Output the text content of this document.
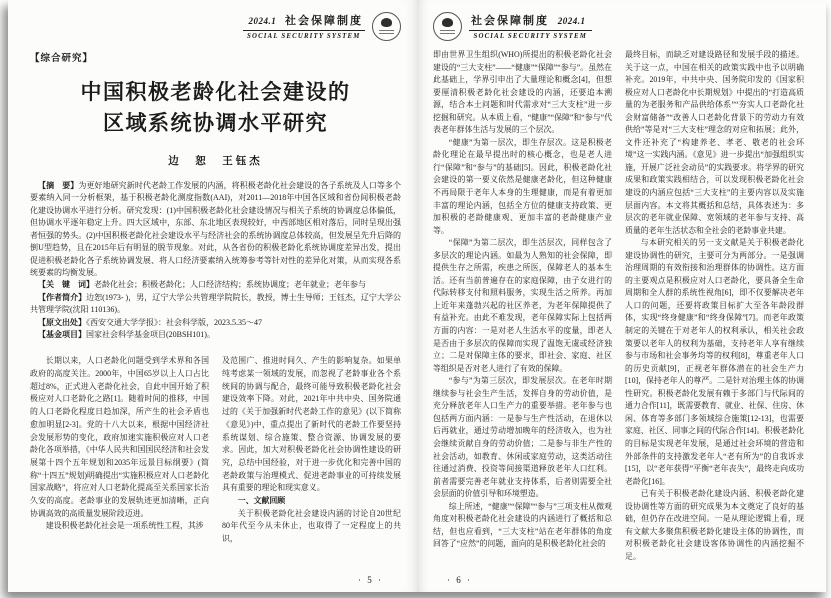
2024.1 社会保障制度
SOCIAL SECURITY SYSTEM
【综合研究】
中国积极老龄化社会建设的
区域系统协调水平研究
边　恕　王钰杰

【摘　要】为更好地研究新时代老龄工作发展的内涵，将积极老龄化社会建设的各子系统及人口等多个要素纳入同一分析框架，基于积极老龄化测度指数(AAI)，对2011—2018年中国各区域和省份间积极老龄化建设协调水平进行分析。研究发现：(1)中国积极老龄化社会建设情况与相关子系统的协调度总体偏低，但协调水平逐年稳定上升。四大区域中，东部、东北地区表现较好，中西部地区相对落后，同时呈现出强者恒强的势头。(2)中国积极老龄化社会建设水平与经济社会的系统协调度总体较高，但发展呈先升后降的倒U型趋势，且在2015年后有明显的脱节现象。对此，从各省份的积极老龄化系统协调度差异出发，提出促进积极老龄化各子系统协调发展、将人口经济要素纳入统筹参考等针对性的差异化对策，从而实现各系统要素的均衡发展。

【关　键　词】老龄化社会；积极老龄化；人口经济结构；系统协调度；老年就业；老年参与

【作者简介】边恕(1973- )，男，辽宁大学公共管理学院院长，教授，博士生导师；王钰杰，辽宁大学公共管理学院(沈阳 110136)。

【原文出处】《西安交通大学学报》：社会科学版，2023.5.35～47

【基金项目】国家社会科学基金项目(20BSH101)。

长期以来，人口老龄化问题受到学术界和各国政府的高度关注。2000年，中国65岁以上人口占比超过8%，正式进入老龄化社会，自此中国开始了积极应对人口老龄化之路[1]。随着时间的推移，中国的人口老龄化程度日趋加深，所产生的社会矛盾也愈加明显[2-3]。党的十八大以来，根据中国经济社会发展形势的变化，政府加速实施积极应对人口老龄化各项举措，《中华人民共和国国民经济和社会发展第十四个五年规划和2035年远景目标纲要》(简称“十四五”规划)明确提出“实施积极应对人口老龄化国家战略”，将应对人口老龄化提高至关系国家长治久安的高度。老龄事业的发展轨迹更加清晰，正向协调高效的高质量发展阶段迈进。

建设积极老龄化社会是一项系统性工程，其涉

及范围广、推进时间久、产生的影响复杂。如果单纯考虑某一领域的发展，而忽视了老龄事业各个系统间的协调与配合，最终可能导致积极老龄化社会建设效率下降。对此，2021年中共中央、国务院通过的《关于加强新时代老龄工作的意见》(以下简称《意见》)中，重点提出了新时代的老龄工作要坚持系统谋划、综合施策、整合资源、协调发展的要求。因此，加大对积极老龄化社会协调性建设的研究，总结中国经验，对于进一步优化和完善中国的老龄政策与治理模式、促进老龄事业的可持续发展具有重要的理论和现实意义。

一、文献回顾

关于积极老龄化社会建设内涵的讨论自20世纪80年代至今从未休止，也取得了一定程度上的共识，

· 5 ·
社会保障制度 2024.1
SOCIAL SECURITY SYSTEM

即由世界卫生组织(WHO)所提出的积极老龄化社会建设的“三大支柱”——“健康”“保障”“参与”。虽然在此基础上，学界引申出了大量理论和概念[4]，但想要厘清积极老龄化社会建设的内涵，还要追本溯源，结合本土问题和时代需求对“三大支柱”进一步挖掘和研究。从本质上看，“健康”“保障”和“参与”代表老年群体生活与发展的三个层次。

“健康”为第一层次，即生存层次。这是积极老龄化理论在最早提出时的核心概念，也是老人进行“保障”和“参与”的基础[5]。因此，积极老龄化社会建设的第一要义依然是健康老龄化，但这种健康不再局限于老年人本身的生理健康，而是有着更加丰富的理论内涵，包括全方位的健康支持政策、更加积极的老龄健康观、更加丰富的老龄健康产业等。

“保障”为第二层次，即生活层次，同样包含了多层次的理论内涵。如最为人熟知的社会保障，即提供生存之所需，疾患之所医，保障老人的基本生活。还有当前普遍存在的家庭保障，由子女进行的代际转移支付和照料服务，实现生活之所养。再加上近年来蓬勃兴起的社区养老，为老年保障提供了有益补充。由此不难发现，老年保障实际上包括两方面的内容：一是对老人生活水平的度量，即老人是否由于多层次的保障而实现了温饱无虞或经济独立；二是对保障主体的要求，即社会、家庭、社区等组织是否对老人进行了有效的保障。

“参与”为第三层次，即发展层次。在老年时期继续参与社会生产生活，发挥自身的劳动价值，是充分释放老年人口生产力的重要举措。老年参与也包括两方面内涵：一是参与生产性活动，在退休以后再就业，通过劳动增加晚年的经济收入，也为社会继续贡献自身的劳动价值；二是参与非生产性的社会活动，如教育、休闲或家庭劳动，这类活动往往通过消费、投资等间接渠道释放老年人口红利。前者需要完善老年就业支持体系，后者则需要全社会层面的价值引导和环境塑造。

综上所述，“健康”“保障”“参与”三项支柱从微观角度对积极老龄化社会建设的内涵进行了概括和总结，但也应看到，“三大支柱”站在老年群体的角度回答了“应然”的问题，面向的是积极老龄化社会的

最终目标，而缺乏对建设路径和发展手段的描述。关于这一点，中国在相关的政策实践中也予以明确补充。2019年，中共中央、国务院印发的《国家积极应对人口老龄化中长期规划》中提出的“打造高质量的为老服务和产品供给体系”“夯实人口老龄化社会财富储备”“改善人口老龄化背景下的劳动力有效供给”等是对“三大支柱”理念的对应和拓展；此外，文件还补充了“构建养老、孝老、敬老的社会环境”这一实践内涵。《意见》进一步提出“加强组织实施，开展广泛社会动员”的实践要求。将学界的研究成果和政策实践相结合，可以发现积极老龄化社会建设的内涵应包括“三大支柱”的主要内容以及实施层面内容。本文将其概括和总结，具体表述为：多层次的老年就业保障、宽领域的老年参与支持、高质量的老年生活状态和全社会的老龄事业共建。

与本研究相关的另一支文献是关于积极老龄化建设协调性的研究，主要可分为两部分。一是强调治理周期的有效衔接和治理群体的协调性。这方面的主要观点是积极应对人口老龄化，要具备全生命周期和全人群的系统性视角[6]，即不仅要解决老年人口的问题，还要将政策目标扩大至各年龄段群体，实现“终身健康”和“终身保障”[7]。而老年政策制定的关键在于对老年人的权利承认，相关社会政策要以老年人的权利为基础，支持老年人享有继续参与市场和社会事务均等的权利[8]，尊重老年人口的历史贡献[9]，正视老年群体潜在的社会生产力[10]，保持老年人的尊严。二是针对治理主体的协调性研究。积极老龄化发展有赖于多部门与代际间的通力合作[11]，既需要教育、就业、社保、住房、休闲、体育等多部门多领域综合施策[12-13]，也需要家庭、社区、同事之间的代际合作[14]。积极老龄化的目标是实现老年发展，是通过社会环境的营造和外部条件的支持激发老年人“老有所为”的自我诉求[15]，以“老年获得”平衡“老年丧失”，最终走向成功老龄化[16]。

已有关于积极老龄化建设内涵、积极老龄化建设协调性等方面的研究成果为本文奠定了良好的基础，但仍存在改进空间。一是从理论逻辑上看，现有文献大多聚焦积极老龄化建设主体的协调性，而对积极老龄化社会建设客体协调性的内涵挖掘不足。

· 6 ·
